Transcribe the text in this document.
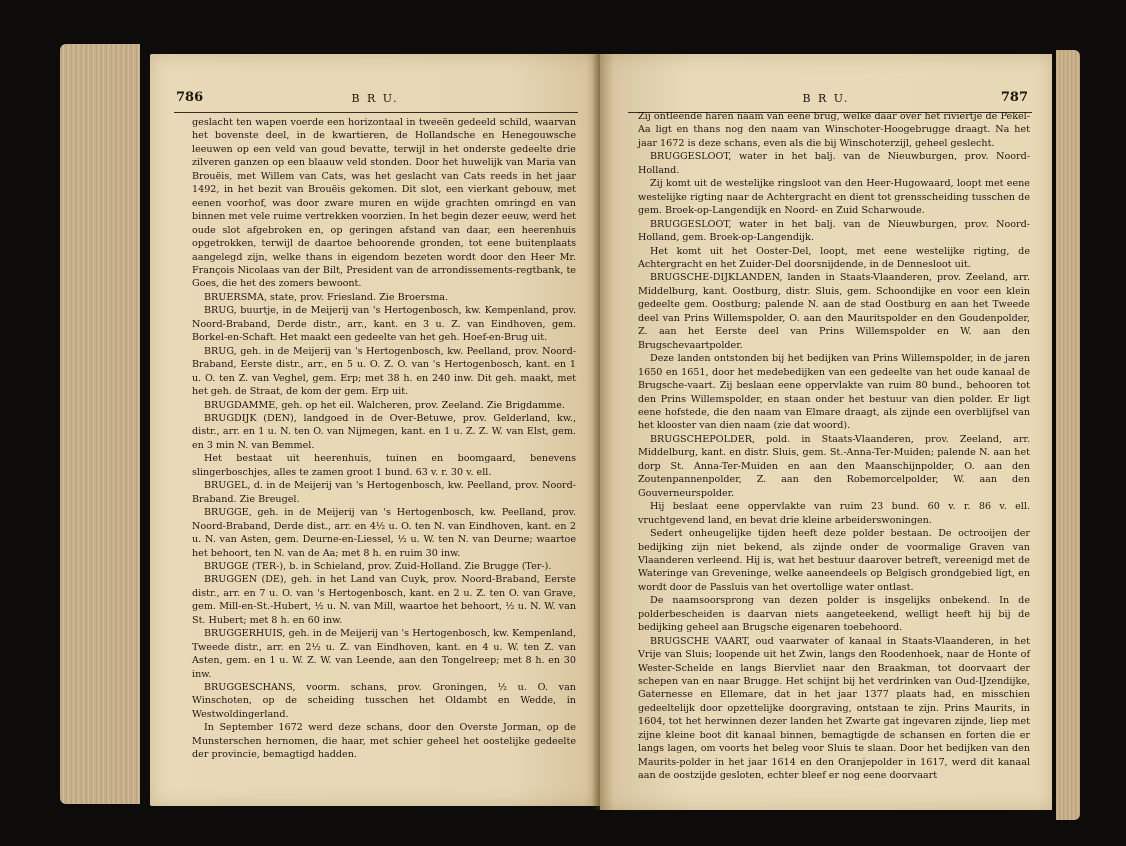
786	B R U.

geslacht ten wapen voerde een horizontaal in tweeën gedeeld schild, waarvan het bovenste deel, in de kwartieren, de Hollandsche en Henegouwsche leeuwen op een veld van goud bevatte, terwijl in het onderste gedeelte drie zilveren ganzen op een blaauw veld stonden. Door het huwelijk van Maria van Brouëis, met Willem van Cats, was het geslacht van Cats reeds in het jaar 1492, in het bezit van Brouëis gekomen. Dit slot, een vierkant gebouw, met eenen voorhof, was door zware muren en wijde grachten omringd en van binnen met vele ruime vertrekken voorzien. In het begin dezer eeuw, werd het oude slot afgebroken en, op geringen afstand van daar, een heerenhuis opgetrokken, terwijl de daartoe behoorende gronden, tot eene buitenplaats aangelegd zijn, welke thans in eigendom bezeten wordt door den Heer Mr. François Nicolaas van der Bilt, President van de arrondissements-regtbank, te Goes, die het des zomers bewoont.

BRUERSMA, state, prov. Friesland. Zie Broersma.

BRUG, buurtje, in de Meijerij van 's Hertogenbosch, kw. Kempenland, prov. Noord-Braband, Derde distr., arr., kant. en 3 u. Z. van Eindhoven, gem. Borkel-en-Schaft. Het maakt een gedeelte van het geh. Hoef-en-Brug uit.

BRUG, geh. in de Meijerij van 's Hertogenbosch, kw. Peelland, prov. Noord-Braband, Eerste distr., arr., en 5 u. O. Z. O. van 's Hertogenbosch, kant. en 1 u. O. ten Z. van Veghel, gem. Erp; met 38 h. en 240 inw. Dit geh. maakt, met het geh. de Straat, de kom der gem. Erp uit.

BRUGDAMME, geh. op het eil. Walcheren, prov. Zeeland. Zie Brigdamme.

BRUGDIJK (DEN), landgoed in de Over-Betuwe, prov. Gelderland, kw., distr., arr. en 1 u. N. ten O. van Nijmegen, kant. en 1 u. Z. Z. W. van Elst, gem. en 3 min N. van Bemmel.

Het bestaat uit heerenhuis, tuinen en boomgaard, benevens slingerboschjes, alles te zamen groot 1 bund. 63 v. r. 30 v. ell.

BRUGEL, d. in de Meijerij van 's Hertogenbosch, kw. Peelland, prov. Noord-Braband. Zie Breugel.

BRUGGE, geh. in de Meijerij van 's Hertogenbosch, kw. Peelland, prov. Noord-Braband, Derde dist., arr. en 4½ u. O. ten N. van Eindhoven, kant. en 2 u. N. van Asten, gem. Deurne-en-Liessel, ½ u. W. ten N. van Deurne; waartoe het behoort, ten N. van de Aa; met 8 h. en ruim 30 inw.

BRUGGE (TER-), b. in Schieland, prov. Zuid-Holland. Zie Brugge (Ter-).

BRUGGEN (DE), geh. in het Land van Cuyk, prov. Noord-Braband, Eerste distr., arr. en 7 u. O. van 's Hertogenbosch, kant. en 2 u. Z. ten O. van Grave, gem. Mill-en-St.-Hubert, ½ u. N. van Mill, waartoe het behoort, ½ u. N. W. van St. Hubert; met 8 h. en 60 inw.

BRUGGERHUIS, geh. in de Meijerij van 's Hertogenbosch, kw. Kempenland, Tweede distr., arr. en 2½ u. Z. van Eindhoven, kant. en 4 u. W. ten Z. van Asten, gem. en 1 u. W. Z. W. van Leende, aan den Tongelreep; met 8 h. en 30 inw.

BRUGGESCHANS, voorm. schans, prov. Groningen, ½ u. O. van Winschoten, op de scheiding tusschen het Oldambt en Wedde, in Westwoldingerland.

In September 1672 werd deze schans, door den Overste Jorman, op de Munsterschen hernomen, die haar, met schier geheel het oostelijke gedeelte der provincie, bemagtigd hadden.

B R U.	787

Zij ontleende haren naam van eene brug, welke daar over het riviertje de Pekel-Aa ligt en thans nog den naam van Winschoter-Hoogebrugge draagt. Na het jaar 1672 is deze schans, even als die bij Winschoterzijl, geheel geslecht.

BRUGGESLOOT, water in het balj. van de Nieuwburgen, prov. Noord-Holland.

Zij komt uit de westelijke ringsloot van den Heer-Hugowaard, loopt met eene westelijke rigting naar de Achtergracht en dient tot grensscheiding tusschen de gem. Broek-op-Langendijk en Noord- en Zuid Scharwoude.

BRUGGESLOOT, water in het balj. van de Nieuwburgen, prov. Noord-Holland, gem. Broek-op-Langendijk.

Het komt uit het Ooster-Del, loopt, met eene westelijke rigting, de Achtergracht en het Zuider-Del doorsnijdende, in de Dennesloot uit.

BRUGSCHE-DIJKLANDEN, landen in Staats-Vlaanderen, prov. Zeeland, arr. Middelburg, kant. Oostburg, distr. Sluis, gem. Schoondijke en voor een klein gedeelte gem. Oostburg; palende N. aan de stad Oostburg en aan het Tweede deel van Prins Willemspolder, O. aan den Mauritspolder en den Goudenpolder, Z. aan het Eerste deel van Prins Willemspolder en W. aan den Brugschevaartpolder.

Deze landen ontstonden bij het bedijken van Prins Willemspolder, in de jaren 1650 en 1651, door het medebedijken van een gedeelte van het oude kanaal de Brugsche-vaart. Zij beslaan eene oppervlakte van ruim 80 bund., behooren tot den Prins Willemspolder, en staan onder het bestuur van dien polder. Er ligt eene hofstede, die den naam van Elmare draagt, als zijnde een overblijfsel van het klooster van dien naam (zie dat woord).

BRUGSCHEPOLDER, pold. in Staats-Vlaanderen, prov. Zeeland, arr. Middelburg, kant. en distr. Sluis, gem. St.-Anna-Ter-Muiden; palende N. aan het dorp St. Anna-Ter-Muiden en aan den Maanschijnpolder, O. aan den Zoutenpannenpolder, Z. aan den Robemorcelpolder, W. aan den Gouverneurspolder.

Hij beslaat eene oppervlakte van ruim 23 bund. 60 v. r. 86 v. ell. vruchtgevend land, en bevat drie kleine arbeiderswoningen.

Sedert onheugelijke tijden heeft deze polder bestaan. De octrooijen der bedijking zijn niet bekend, als zijnde onder de voormalige Graven van Vlaanderen verleend. Hij is, wat het bestuur daarover betreft, vereenigd met de Wateringe van Greveninge, welke aaneendeels op Belgisch grondgebied ligt, en wordt door de Passluis van het overtollige water ontlast.

De naamsoorsprong van dezen polder is insgelijks onbekend. In de polderbescheiden is daarvan niets aangeteekend, welligt heeft hij bij de bedijking geheel aan Brugsche eigenaren toebehoord.

BRUGSCHE VAART, oud vaarwater of kanaal in Staats-Vlaanderen, in het Vrije van Sluis; loopende uit het Zwin, langs den Roodenhoek, naar de Honte of Wester-Schelde en langs Biervliet naar den Braakman, tot doorvaart der schepen van en naar Brugge. Het schijnt bij het verdrinken van Oud-IJzendijke, Gaternesse en Ellemare, dat in het jaar 1377 plaats had, en misschien gedeeltelijk door opzettelijke doorgraving, ontstaan te zijn. Prins Maurits, in 1604, tot het herwinnen dezer landen het Zwarte gat ingevaren zijnde, liep met zijne kleine boot dit kanaal binnen, bemagtigde de schansen en forten die er langs lagen, om voorts het beleg voor Sluis te slaan. Door het bedijken van den Maurits-polder in het jaar 1614 en den Oranjepolder in 1617, werd dit kanaal aan de oostzijde gesloten, echter bleef er nog eene doorvaart
